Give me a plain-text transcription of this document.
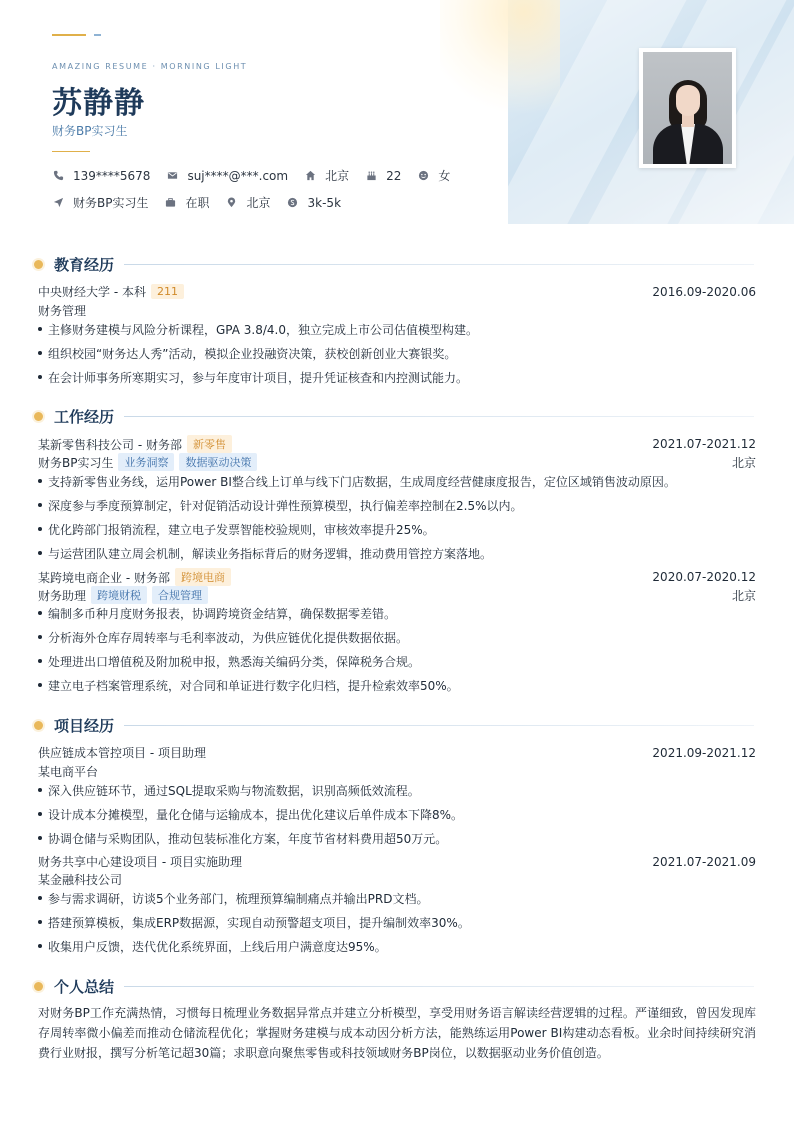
AMAZING RESUME · MORNING LIGHT
苏静静
财务BP实习生
139****5678	suj****@***.com	北京	22	女
财务BP实习生	在职	北京	3k-5k
教育经历
中央财经大学 - 本科	211	2016.09-2020.06
财务管理
主修财务建模与风险分析课程，GPA 3.8/4.0，独立完成上市公司估值模型构建。
组织校园“财务达人秀”活动，模拟企业投融资决策，获校创新创业大赛银奖。
在会计师事务所寒期实习，参与年度审计项目，提升凭证核查和内控测试能力。
工作经历
某新零售科技公司 - 财务部	新零售	2021.07-2021.12
财务BP实习生	业务洞察	数据驱动决策	北京
支持新零售业务线，运用Power BI整合线上订单与线下门店数据，生成周度经营健康度报告，定位区域销售波动原因。
深度参与季度预算制定，针对促销活动设计弹性预算模型，执行偏差率控制在2.5%以内。
优化跨部门报销流程，建立电子发票智能校验规则，审核效率提升25%。
与运营团队建立周会机制，解读业务指标背后的财务逻辑，推动费用管控方案落地。
某跨境电商企业 - 财务部	跨境电商	2020.07-2020.12
财务助理	跨境财税	合规管理	北京
编制多币种月度财务报表，协调跨境资金结算，确保数据零差错。
分析海外仓库存周转率与毛利率波动，为供应链优化提供数据依据。
处理进出口增值税及附加税申报，熟悉海关编码分类，保障税务合规。
建立电子档案管理系统，对合同和单证进行数字化归档，提升检索效率50%。
项目经历
供应链成本管控项目 - 项目助理	2021.09-2021.12
某电商平台
深入供应链环节，通过SQL提取采购与物流数据，识别高频低效流程。
设计成本分摊模型，量化仓储与运输成本，提出优化建议后单件成本下降8%。
协调仓储与采购团队，推动包装标准化方案，年度节省材料费用超50万元。
财务共享中心建设项目 - 项目实施助理	2021.07-2021.09
某金融科技公司
参与需求调研，访谈5个业务部门，梳理预算编制痛点并输出PRD文档。
搭建预算模板，集成ERP数据源，实现自动预警超支项目，提升编制效率30%。
收集用户反馈，迭代优化系统界面，上线后用户满意度达95%。
个人总结
对财务BP工作充满热情，习惯每日梳理业务数据异常点并建立分析模型，享受用财务语言解读经营逻辑的过程。严谨细致，曾因发现库存周转率微小偏差而推动仓储流程优化；掌握财务建模与成本动因分析方法，能熟练运用Power BI构建动态看板。业余时间持续研究消费行业财报，撰写分析笔记超30篇；求职意向聚焦零售或科技领域财务BP岗位，以数据驱动业务价值创造。
